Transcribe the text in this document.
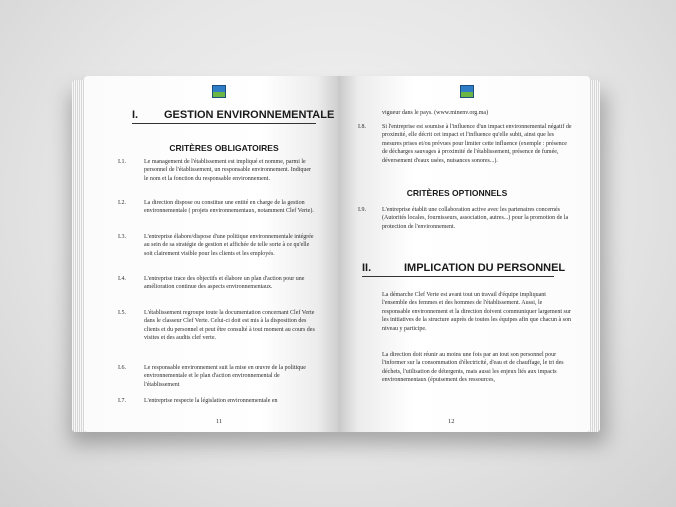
I. GESTION ENVIRONNEMENTALE
CRITÈRES OBLIGATOIRES
I.1.	Le management de l'établissement est impliqué et nomme, parmi le personnel de l'établissement, un responsable environnement. Indiquer le nom et la fonction du responsable environnement.
I.2.	La direction dispose ou constitue une entité en charge de la gestion environnementale ( projets environnementaux, notamment Clef Verte).
I.3.	L'entreprise élabore/dispose d'une politique environnementale intégrée au sein de sa stratégie de gestion et affichée de telle sorte à ce qu'elle soit clairement visible pour les clients et les employés.
I.4.	L'entreprise trace des objectifs et élabore un plan d'action pour une amélioration continue des aspects environnementaux.
I.5.	L'établissement regroupe toute la documentation concernant Clef Verte dans le classeur Clef Verte. Celui-ci doit est mis à la disposition des clients et du personnel et peut être consulté à tout moment au cours des visites et des audits clef verte.
I.6.	Le responsable environnement suit la mise en œuvre de la politique environnementale et le plan d'action environnemental de l'établissement
I.7.	L'entreprise respecte la législation environnementale en
11
vigueur dans le pays. (www.minenv.org.ma)
I.8.	Si l'entreprise est soumise à l'influence d'un impact environnemental négatif de proximité, elle décrit cet impact et l'influence qu'elle subit, ainsi que les mesures prises et/ou prévues pour limiter cette influence (exemple : présence de décharges sauvages à proximité de l'établissement, présence de fumée, déversement d'eaux usées, nuisances sonores...).
CRITÈRES OPTIONNELS
I.9.	L'entreprise établit une collaboration active avec les partenaires concernés (Autorités locales, fournisseurs, association, autres...) pour la promotion de la protection de l'environnement.
II.	IMPLICATION DU PERSONNEL
La démarche Clef Verte est avant tout un travail d'équipe impliquant l'ensemble des femmes et des hommes de l'établissement. Aussi, le responsable environnement et la direction doivent communiquer largement sur les initiatives de la structure auprès de toutes les équipes afin que chacun à son niveau y participe.
La direction doit réunir au moins une fois par an tout son personnel pour l'informer sur la consommation d'électricité, d'eau et de chauffage, le tri des déchets, l'utilisation de détergents, mais aussi les enjeux liés aux impacts environnementaux (épuisement des ressources,
12
